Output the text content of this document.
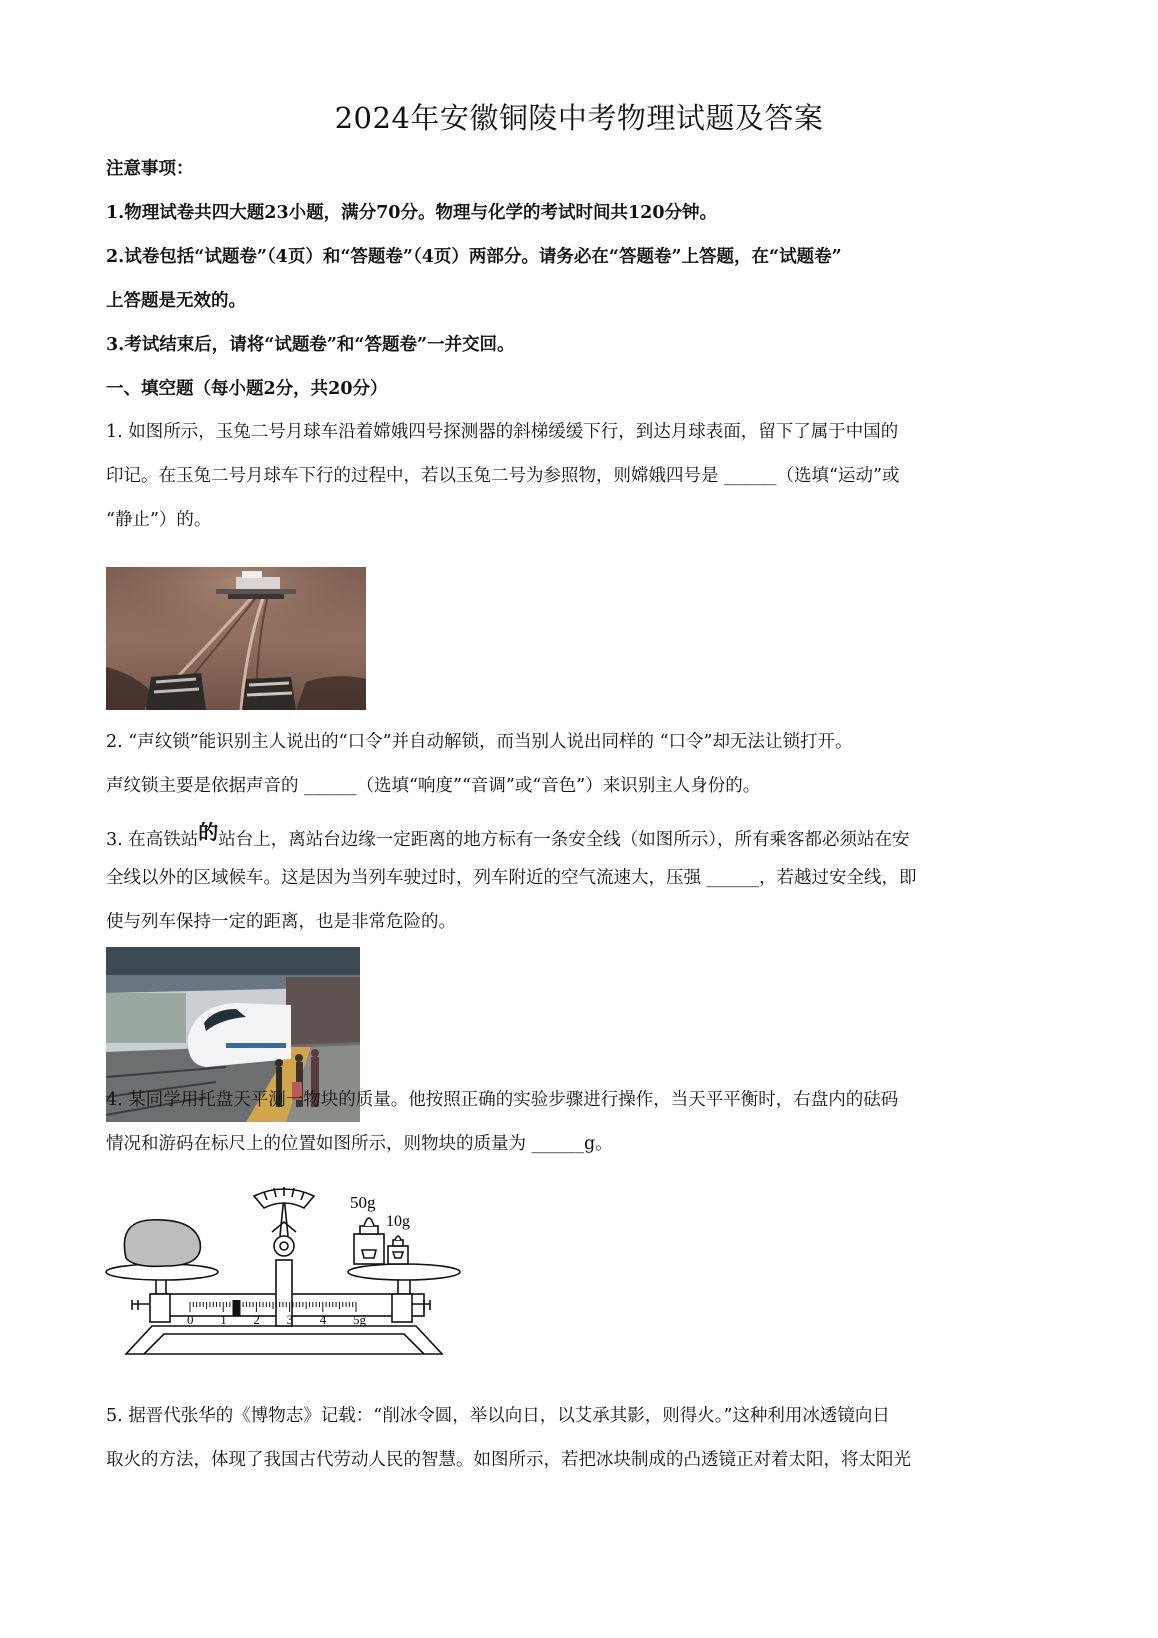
2024年安徽铜陵中考物理试题及答案
注意事项：
1.物理试卷共四大题23小题，满分70分。物理与化学的考试时间共120分钟。
2.试卷包括“试题卷”（4页）和“答题卷”（4页）两部分。请务必在“答题卷”上答题，在“试题卷”
上答题是无效的。
3.考试结束后，请将“试题卷”和“答题卷”一并交回。
一、填空题（每小题2分，共20分）
1. 如图所示，玉兔二号月球车沿着嫦娥四号探测器的斜梯缓缓下行，到达月球表面，留下了属于中国的
印记。在玉兔二号月球车下行的过程中，若以玉兔二号为参照物，则嫦娥四号是 ______（选填“运动”或
“静止”）的。
2. “声纹锁”能识别主人说出的“口令”并自动解锁，而当别人说出同样的 “口令”却无法让锁打开。
声纹锁主要是依据声音的 ______（选填“响度”“音调”或“音色”）来识别主人身份的。
3. 在高铁站的站台上，离站台边缘一定距离的地方标有一条安全线（如图所示），所有乘客都必须站在安
全线以外的区域候车。这是因为当列车驶过时，列车附近的空气流速大，压强 ______，若越过安全线，即
使与列车保持一定的距离，也是非常危险的。
4. 某同学用托盘天平测一物块的质量。他按照正确的实验步骤进行操作，当天平平衡时，右盘内的砝码
情况和游码在标尺上的位置如图所示，则物块的质量为 ______g。
50g
10g
0 1 2 3 4 5g
5. 据晋代张华的《博物志》记载：“削冰令圆，举以向日，以艾承其影，则得火。”这种利用冰透镜向日
取火的方法，体现了我国古代劳动人民的智慧。如图所示，若把冰块制成的凸透镜正对着太阳，将太阳光
